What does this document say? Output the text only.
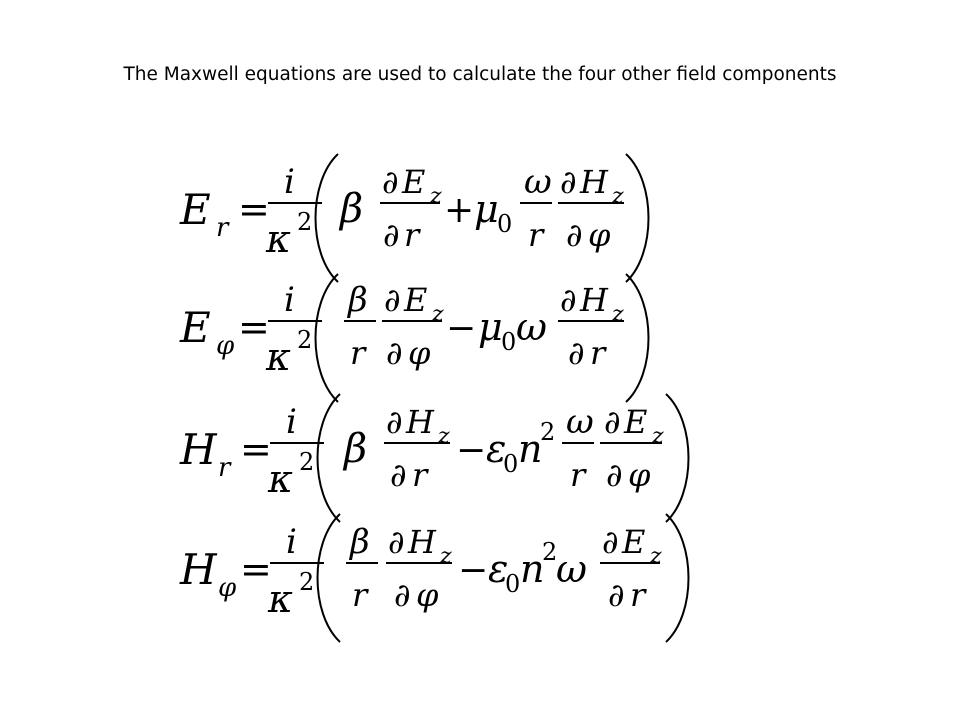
The Maxwell equations are used to calculate the four other field components
E r =
i
κ 2 β
∂ E z
∂ r
+ μ
0
ω
r
∂ H z
∂ φ
E φ =
i
κ 2
β
r
∂ E z
∂ φ
− μ
0 ω
∂ H z
∂ r
H r =
i
κ 2 β
∂ H z
∂ r
− ε
0 n
2 ω
r
∂ E z
∂ φ
H φ =
i
κ 2
β
r
∂ H z
∂ φ
− ε
0 n
2
ω
∂ E z
∂ r
